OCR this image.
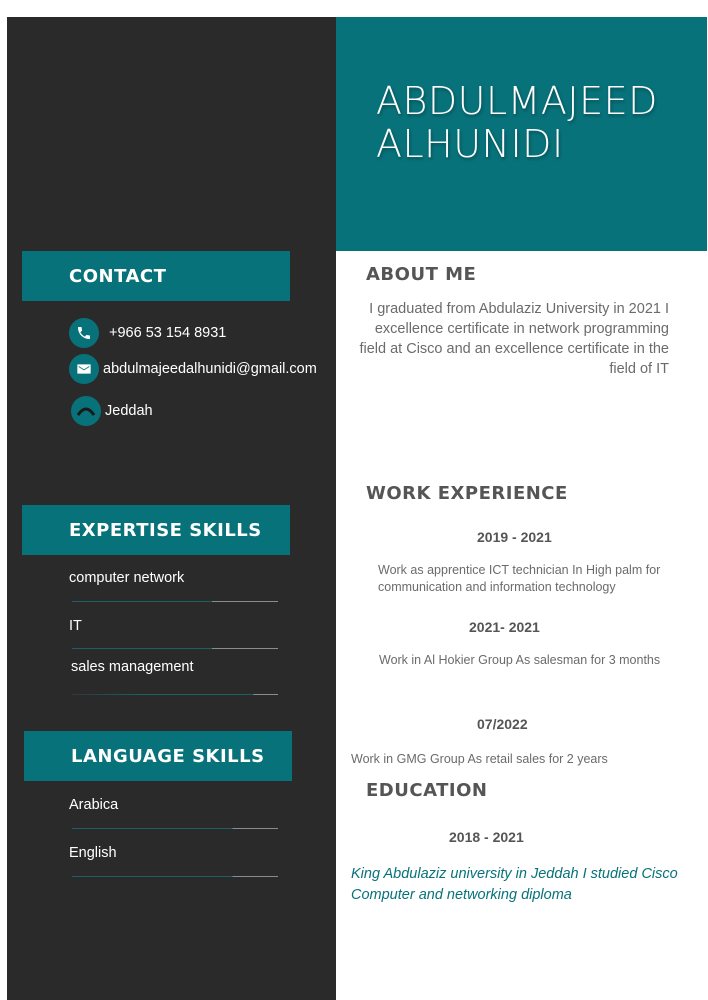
ABDULMAJEED
ALHUNIDI
CONTACT
+966 53 154 8931
abdulmajeedalhunidi@gmail.com
Jeddah
EXPERTISE SKILLS
computer network
IT
sales management
LANGUAGE SKILLS
Arabica
English
ABOUT ME
I graduated from Abdulaziz University in 2021 I excellence certificate in network programming field at Cisco and an excellence certificate in the field of IT
WORK EXPERIENCE
2019 - 2021
Work as apprentice ICT technician In High palm for communication and information technology
2021- 2021
Work in Al Hokier Group As salesman for 3 months
07/2022
Work in GMG Group As retail sales for 2 years
EDUCATION
2018 - 2021
King Abdulaziz university in Jeddah I studied Cisco Computer and networking diploma
